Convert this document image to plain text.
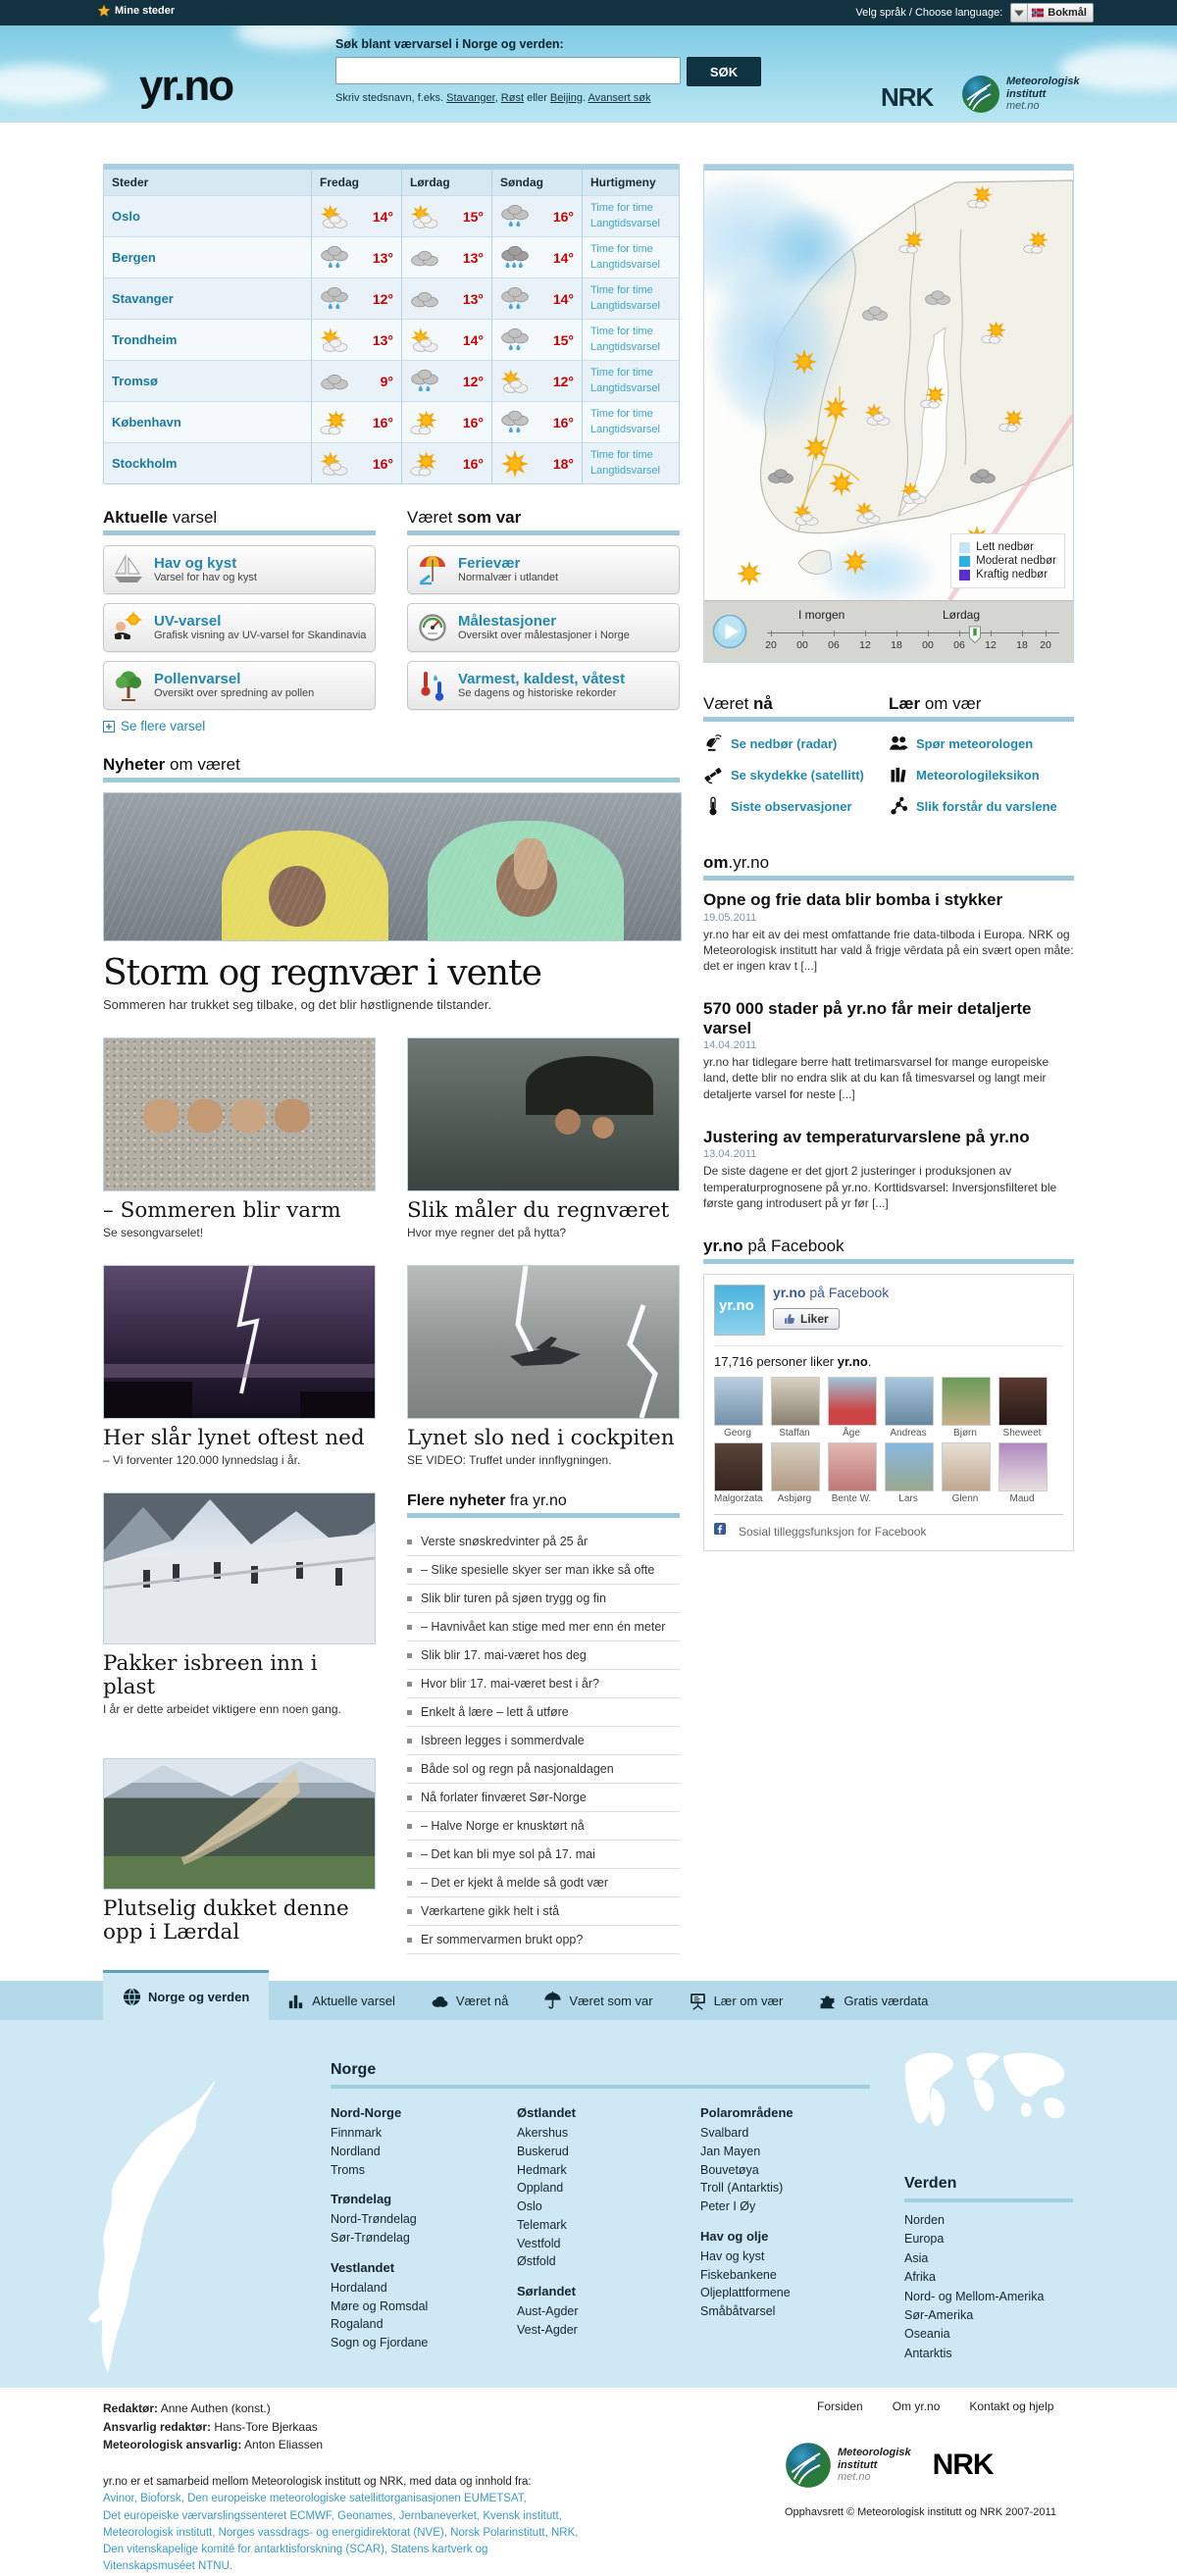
Mine steder	Velg språk / Choose language:	Bokmål
yr.no
Søk blant værvarsel i Norge og verden:
SØK
Skriv stedsnavn, f.eks. Stavanger, Røst eller Beijing. Avansert søk	NRK
Meteorologisk
institutt
met.no
Steder	Fredag	Lørdag	Søndag	Hurtigmeny
Oslo	14°	15°	16°	Time for time
Langtidsvarsel

Bergen	13°	13°	14°	Time for time
Langtidsvarsel

Stavanger	12°	13°	14°	Time for time
Langtidsvarsel

Trondheim	13°	14°	15°	Time for time
Langtidsvarsel

Tromsø	9°	12°	12°	Time for time
Langtidsvarsel

København	16°	16°	16°	Time for time
Langtidsvarsel

Stockholm	16°	16°	18°	Time for time
Langtidsvarsel
Aktuelle varsel
Hav og kyst
Varsel for hav og kyst
UV-varsel
Grafisk visning av UV-varsel for Skandinavia
Pollenvarsel
Oversikt over spredning av pollen
Se flere varsel
Været som var
Ferievær
Normalvær i utlandet
Målestasjoner
Oversikt over målestasjoner i Norge
Varmest, kaldest, våtest
Se dagens og historiske rekorder
Nyheter om været
Storm og regnvær i vente
Sommeren har trukket seg tilbake, og det blir høstlignende tilstander.
– Sommeren blir varm
Se sesongvarselet!
Slik måler du regnværet
Hvor mye regner det på hytta?
Her slår lynet oftest ned
– Vi forventer 120.000 lynnedslag i år.
Lynet slo ned i cockpiten
SE VIDEO: Truffet under innflygningen.
Pakker isbreen inn i plast
I år er dette arbeidet viktigere enn noen gang.
Flere nyheter fra yr.no
Verste snøskredvinter på 25 år
– Slike spesielle skyer ser man ikke så ofte
Slik blir turen på sjøen trygg og fin
– Havnivået kan stige med mer enn én meter
Slik blir 17. mai-været hos deg
Hvor blir 17. mai-været best i år?
Enkelt å lære – lett å utføre
Isbreen legges i sommerdvale
Både sol og regn på nasjonaldagen
Nå forlater finværet Sør-Norge
– Halve Norge er knusktørt nå
– Det kan bli mye sol på 17. mai
– Det er kjekt å melde så godt vær
Værkartene gikk helt i stå
Er sommervarmen brukt opp?
Plutselig dukket denne opp i Lærdal
Lett nedbør
Moderat nedbør
Kraftig nedbør
I morgen	Lørdag
20 00 06 12 18 00 06 12 18 20
Været nå
Se nedbør (radar)
Se skydekke (satellitt)
Siste observasjoner
Lær om vær
Spør meteorologen
Meteorologileksikon
Slik forstår du varslene
om.yr.no
Opne og frie data blir bomba i stykker
19.05.2011

yr.no har eit av dei mest omfattande frie data-tilboda i Europa. NRK og Meteorologisk institutt har vald å frigje vêrdata på ein svært open måte: det er ingen krav t [...]

570 000 stader på yr.no får meir detaljerte varsel
14.04.2011

yr.no har tidlegare berre hatt tretimarsvarsel for mange europeiske land, dette blir no endra slik at du kan få timesvarsel og langt meir detaljerte varsel for neste [...]

Justering av temperaturvarslene på yr.no
13.04.2011

De siste dagene er det gjort 2 justeringer i produksjonen av temperaturprognosene på yr.no. Korttidsvarsel: Inversjonsfilteret ble første gang introdusert på yr før [...]

yr.no på Facebook
yr.no
yr.no på Facebook

Liker
17,716 personer liker yr.no.
Georg	Staffan	Åge	Andreas	Bjørn	Sheweet
Malgorzata	Asbjørg	Bente W.	Lars	Glenn	Maud
Sosial tilleggsfunksjon for Facebook
Norge og verden	Aktuelle varsel	Været nå	Været som var	Lær om vær	Gratis værdata
Norge
Nord-Norge
Finnmark
Nordland
Troms
Trøndelag
Nord-Trøndelag
Sør-Trøndelag
Vestlandet
Hordaland
Møre og Romsdal
Rogaland
Sogn og Fjordane
Østlandet
Akershus
Buskerud
Hedmark
Oppland
Oslo
Telemark
Vestfold
Østfold
Sørlandet
Aust-Agder
Vest-Agder
Polarområdene
Svalbard
Jan Mayen
Bouvetøya
Troll (Antarktis)
Peter I Øy
Hav og olje
Hav og kyst
Fiskebankene
Oljeplattformene
Småbåtvarsel
Verden
Norden
Europa
Asia
Afrika
Nord- og Mellom-Amerika
Sør-Amerika
Oseania
Antarktis
Redaktør: Anne Authen (konst.)
Ansvarlig redaktør: Hans-Tore Bjerkaas
Meteorologisk ansvarlig: Anton Eliassen
Forsiden	Om yr.no	Kontakt og hjelp
yr.no er et samarbeid mellom Meteorologisk institutt og NRK, med data og innhold fra:
Avinor, Bioforsk, Den europeiske meteorologiske satellittorganisasjonen EUMETSAT,
Det europeiske værvarslingssenteret ECMWF, Geonames, Jernbaneverket, Kvensk institutt,
Meteorologisk institutt, Norges vassdrags- og energidirektorat (NVE), Norsk Polarinstitutt, NRK,
Den vitenskapelige komité for antarktisforskning (SCAR), Statens kartverk og
Vitenskapsmuséet NTNU.
Meteorologisk
institutt
met.no	NRK
Opphavsrett © Meteorologisk institutt og NRK 2007-2011
